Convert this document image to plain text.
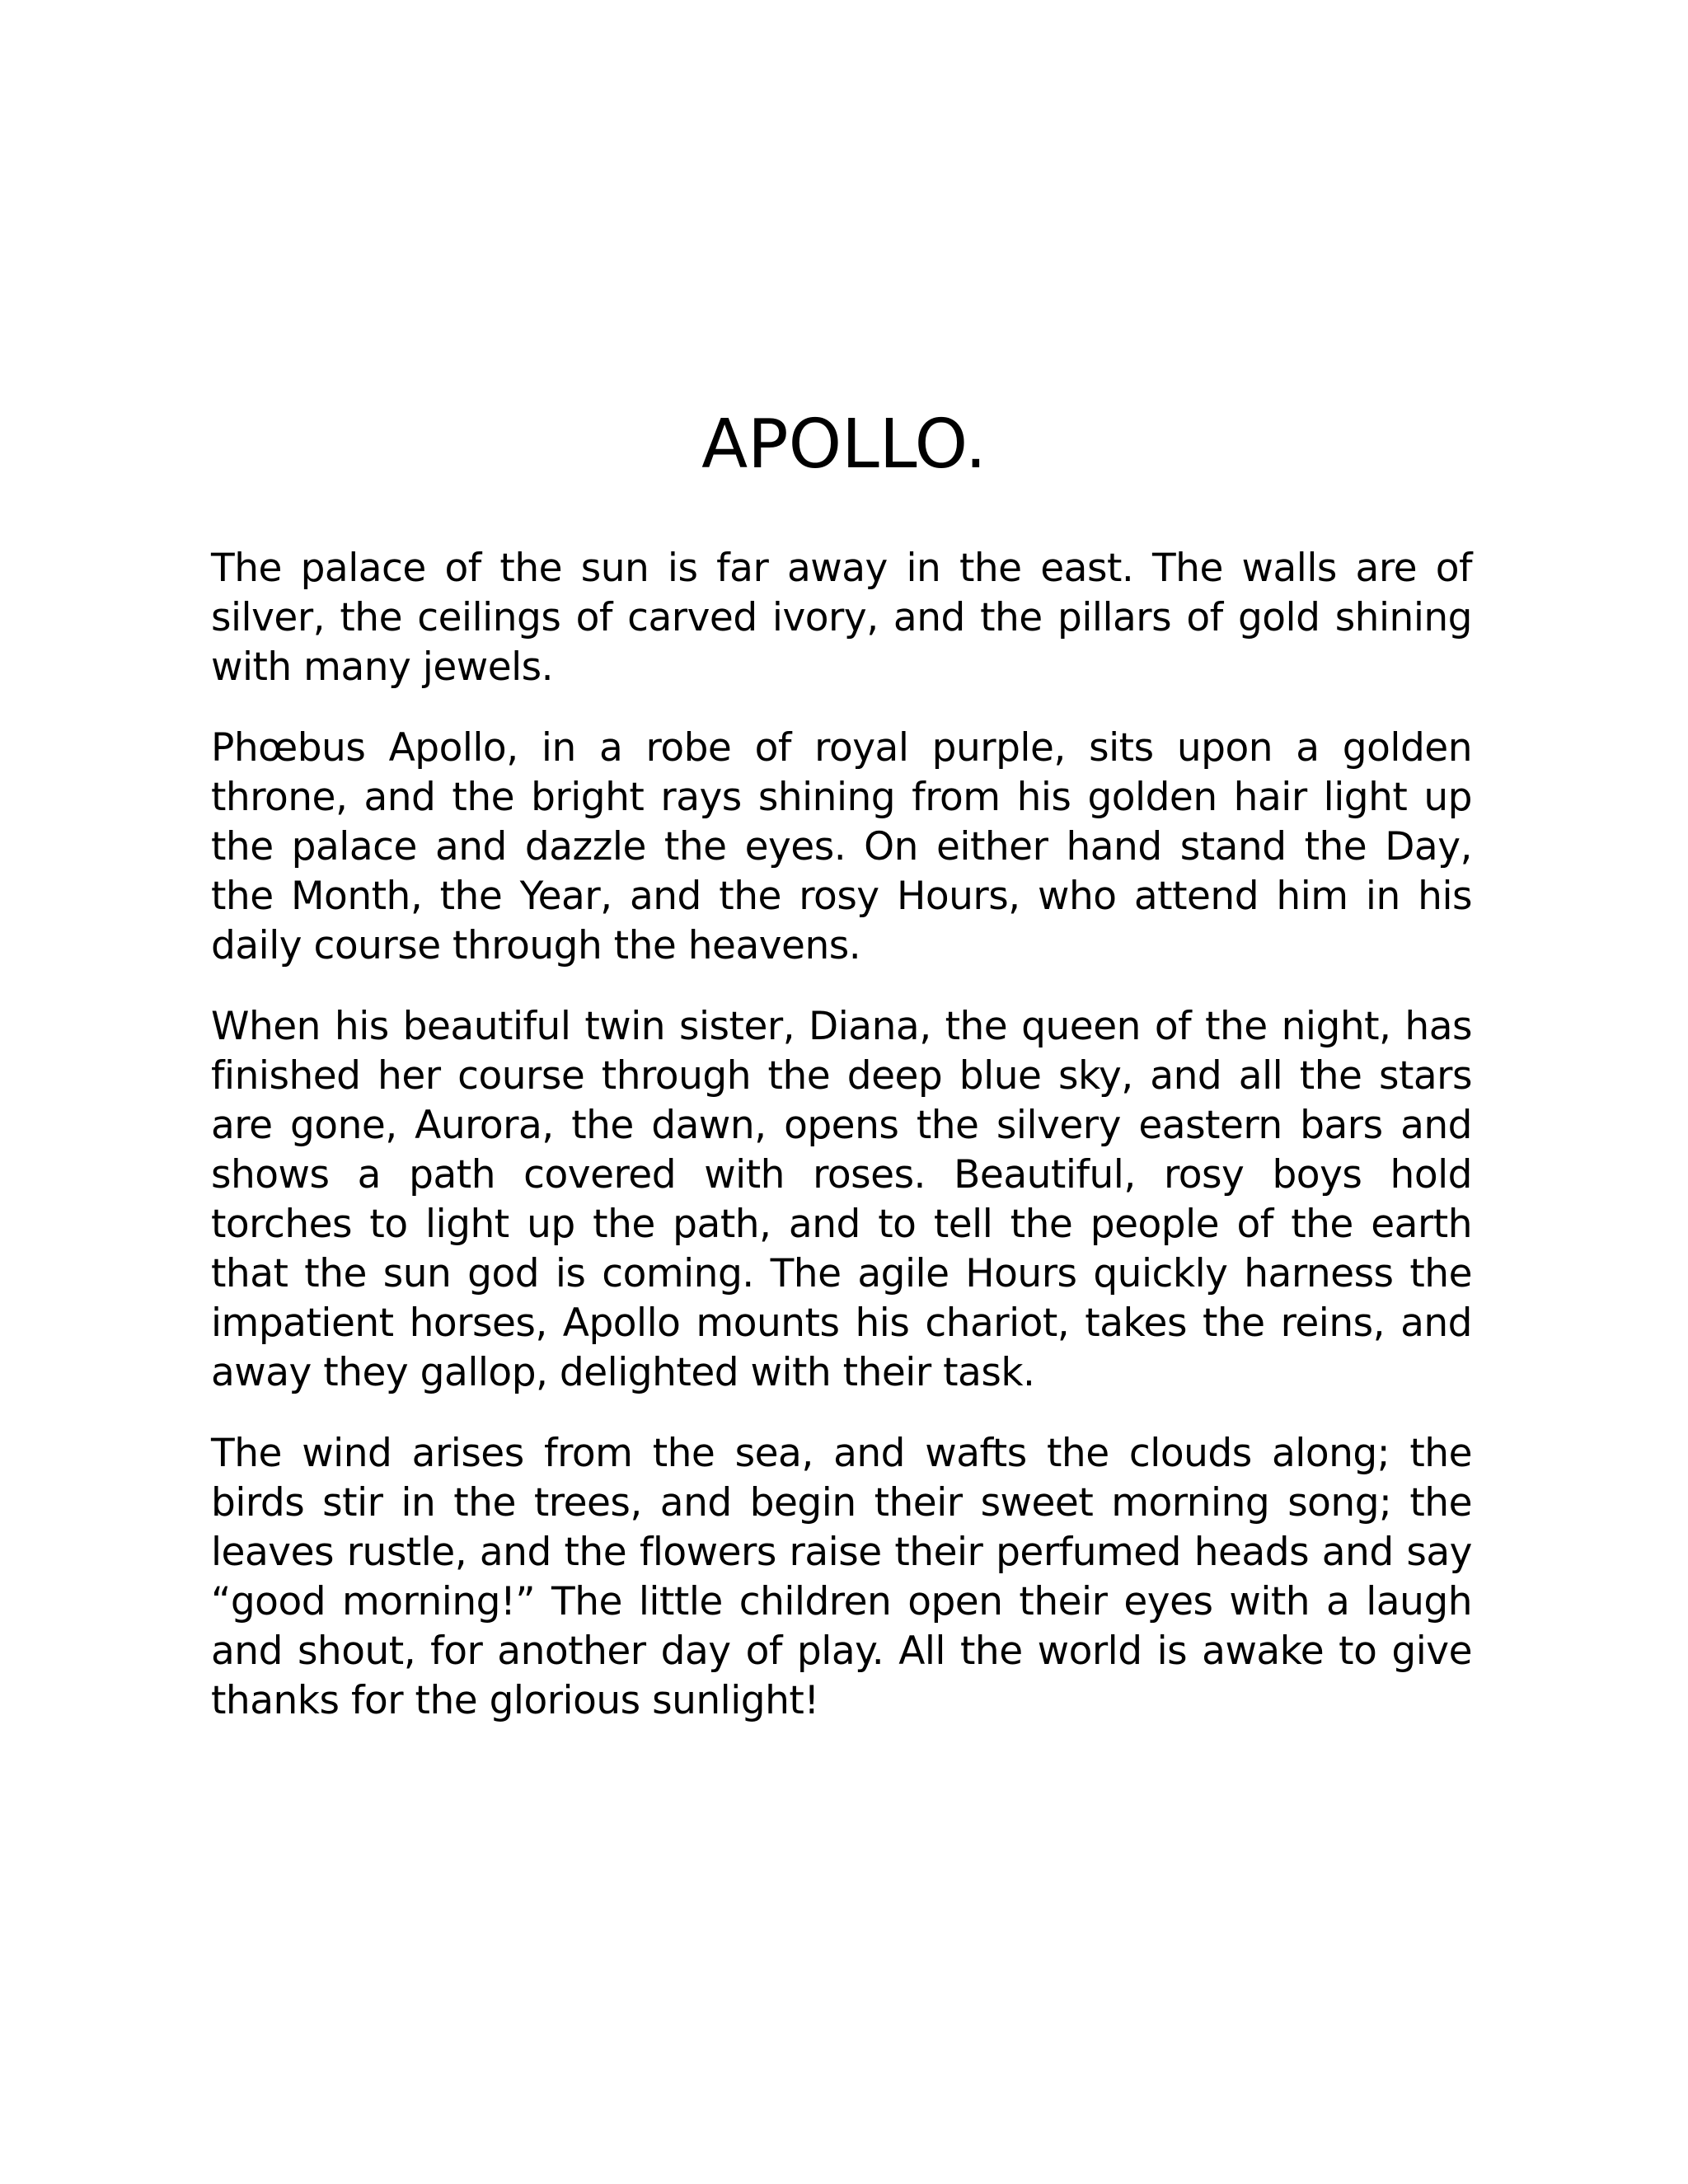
APOLLO.

The palace of the sun is far away in the east. The walls are of silver, the ceilings of carved ivory, and the pillars of gold shining with many jewels.

Phœbus Apollo, in a robe of royal purple, sits upon a golden throne, and the bright rays shining from his golden hair light up the palace and dazzle the eyes. On either hand stand the Day, the Month, the Year, and the rosy Hours, who attend him in his daily course through the heavens.

When his beautiful twin sister, Diana, the queen of the night, has finished her course through the deep blue sky, and all the stars are gone, Aurora, the dawn, opens the silvery eastern bars and shows a path covered with roses. Beautiful, rosy boys hold torches to light up the path, and to tell the people of the earth that the sun god is coming. The agile Hours quickly harness the impatient horses, Apollo mounts his chariot, takes the reins, and away they gallop, delighted with their task.

The wind arises from the sea, and wafts the clouds along; the birds stir in the trees, and begin their sweet morning song; the leaves rustle, and the flowers raise their perfumed heads and say “good morning!” The little children open their eyes with a laugh and shout, for another day of play. All the world is awake to give thanks for the glorious sunlight!
